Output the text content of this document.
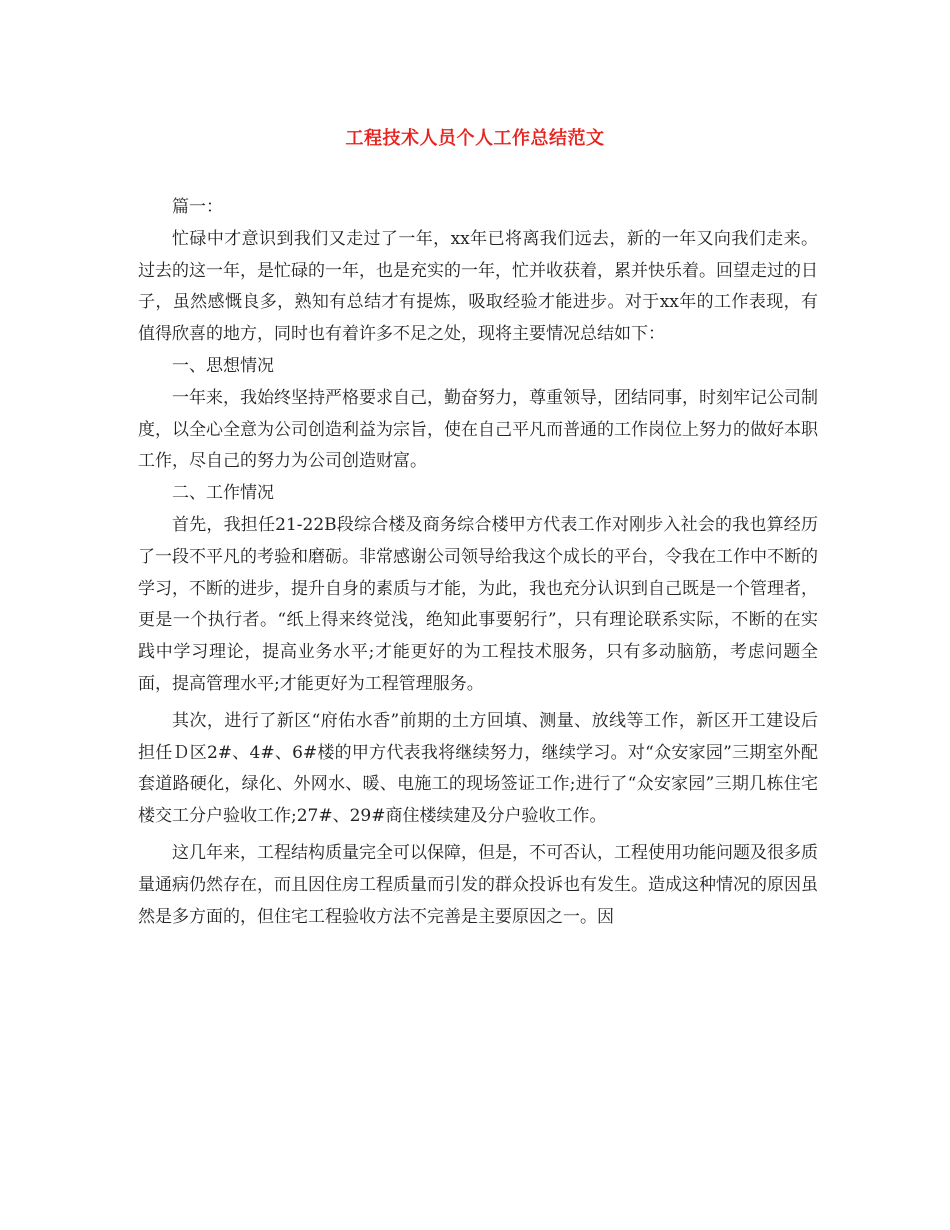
工程技术人员个人工作总结范文

篇一：

忙碌中才意识到我们又走过了一年，xx年已将离我们远去，新的一年又向我们走来。过去的这一年，是忙碌的一年，也是充实的一年，忙并收获着，累并快乐着。回望走过的日子，虽然感慨良多，熟知有总结才有提炼，吸取经验才能进步。对于xx年的工作表现，有值得欣喜的地方，同时也有着许多不足之处，现将主要情况总结如下：

一、思想情况

一年来，我始终坚持严格要求自己，勤奋努力，尊重领导，团结同事，时刻牢记公司制度，以全心全意为公司创造利益为宗旨，使在自己平凡而普通的工作岗位上努力的做好本职工作，尽自己的努力为公司创造财富。

二、工作情况

首先，我担任21-22B段综合楼及商务综合楼甲方代表工作对刚步入社会的我也算经历了一段不平凡的考验和磨砺。非常感谢公司领导给我这个成长的平台，令我在工作中不断的学习，不断的进步，提升自身的素质与才能，为此，我也充分认识到自己既是一个管理者，更是一个执行者。“纸上得来终觉浅，绝知此事要躬行”，只有理论联系实际，不断的在实践中学习理论，提高业务水平;才能更好的为工程技术服务，只有多动脑筋，考虑问题全面，提高管理水平;才能更好为工程管理服务。

其次，进行了新区“府佑水香”前期的土方回填、测量、放线等工作，新区开工建设后担任Ｄ区2#、4#、6#楼的甲方代表我将继续努力，继续学习。对“众安家园”三期室外配套道路硬化，绿化、外网水、暖、电施工的现场签证工作;进行了“众安家园”三期几栋住宅楼交工分户验收工作;27#、29#商住楼续建及分户验收工作。

这几年来，工程结构质量完全可以保障，但是，不可否认，工程使用功能问题及很多质量通病仍然存在，而且因住房工程质量而引发的群众投诉也有发生。造成这种情况的原因虽然是多方面的，但住宅工程验收方法不完善是主要原因之一。因
